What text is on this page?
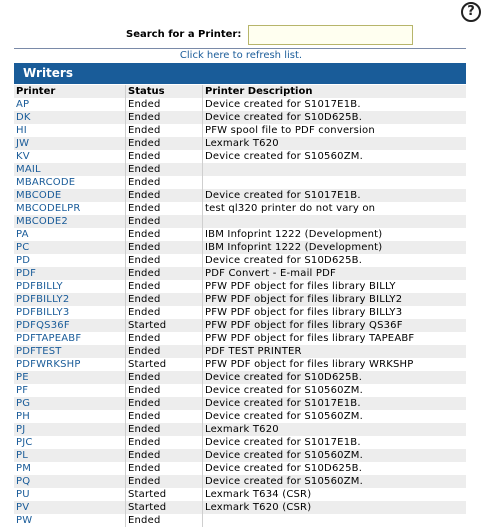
?
Search for a Printer:
Click here to refresh list.
Writers
Printer	Status	Printer Description
AP	Ended	Device created for S1017E1B.
DK	Ended	Device created for S10D625B.
HI	Ended	PFW spool file to PDF conversion
JW	Ended	Lexmark T620
KV	Ended	Device created for S10560ZM.
MAIL	Ended
MBARCODE	Ended
MBCODE	Ended	Device created for S1017E1B.
MBCODELPR	Ended	test ql320 printer do not vary on
MBCODE2	Ended
PA	Ended	IBM Infoprint 1222 (Development)
PC	Ended	IBM Infoprint 1222 (Development)
PD	Ended	Device created for S10D625B.
PDF	Ended	PDF Convert - E-mail PDF
PDFBILLY	Ended	PFW PDF object for files library BILLY
PDFBILLY2	Ended	PFW PDF object for files library BILLY2
PDFBILLY3	Ended	PFW PDF object for files library BILLY3
PDFQS36F	Started	PFW PDF object for files library QS36F
PDFTAPEABF	Ended	PFW PDF object for files library TAPEABF
PDFTEST	Ended	PDF TEST PRINTER
PDFWRKSHP	Started	PFW PDF object for files library WRKSHP
PE	Ended	Device created for S10D625B.
PF	Ended	Device created for S10560ZM.
PG	Ended	Device created for S1017E1B.
PH	Ended	Device created for S10560ZM.
PJ	Ended	Lexmark T620
PJC	Ended	Device created for S1017E1B.
PL	Ended	Device created for S10560ZM.
PM	Ended	Device created for S10D625B.
PQ	Ended	Device created for S10560ZM.
PU	Started	Lexmark T634 (CSR)
PV	Started	Lexmark T620 (CSR)
PW	Ended
